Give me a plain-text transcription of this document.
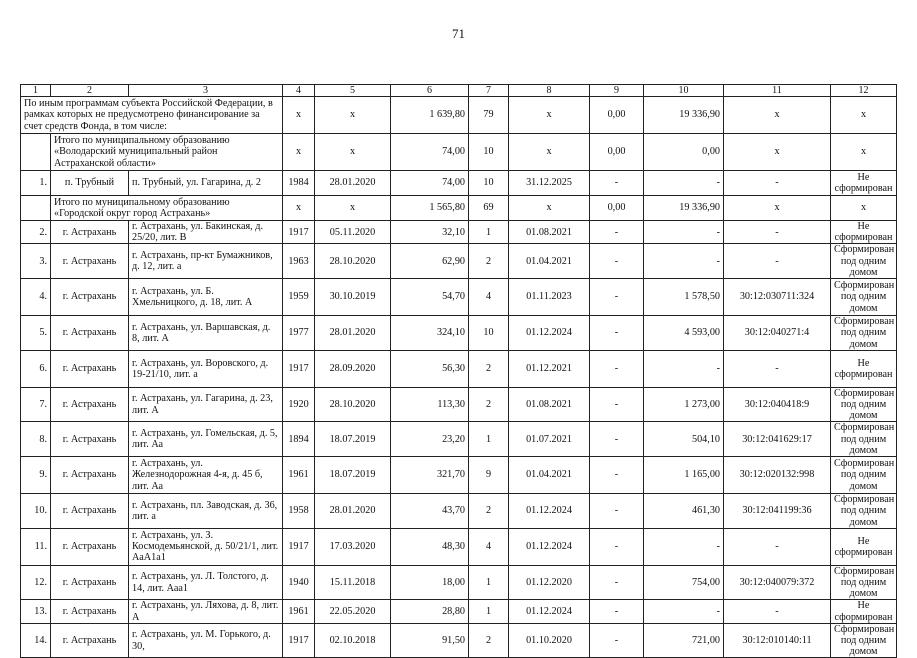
71
1	2	3	4	5	6	7	8	9	10	11	12
По иным программам субъекта Российской Федерации, в рамках которых не предусмотрено финансирование за счет средств Фонда, в том числе:			х	х	1 639,80	79	х	0,00	19 336,90	х	х
	Итого по муниципальному образованию «Володарский муниципальный район Астраханской области»		х	х	74,00	10	х	0,00	0,00	х	х
1.	п. Трубный	п. Трубный, ул. Гагарина, д. 2	1984	28.01.2020	74,00	10	31.12.2025	-	-	-	Не сформирован
	Итого по муниципальному образованию «Городской округ город Астрахань»		х	х	1 565,80	69	х	0,00	19 336,90	х	х
2.	г. Астрахань	г. Астрахань, ул. Бакинская, д. 25/20, лит. В	1917	05.11.2020	32,10	1	01.08.2021	-	-	-	Не сформирован
3.	г. Астрахань	г. Астрахань, пр-кт Бумажников, д. 12, лит. а	1963	28.10.2020	62,90	2	01.04.2021	-	-	-	Сформирован под одним домом
4.	г. Астрахань	г. Астрахань, ул. Б. Хмельницкого, д. 18, лит. А	1959	30.10.2019	54,70	4	01.11.2023	-	1 578,50	30:12:030711:324	Сформирован под одним домом
5.	г. Астрахань	г. Астрахань, ул. Варшавская, д. 8, лит. А	1977	28.01.2020	324,10	10	01.12.2024	-	4 593,00	30:12:040271:4	Сформирован под одним домом
6.	г. Астрахань	г. Астрахань, ул. Воровского, д. 19-21/10, лит. а	1917	28.09.2020	56,30	2	01.12.2021	-	-	-	Не сформирован
7.	г. Астрахань	г. Астрахань, ул. Гагарина, д. 23, лит. А	1920	28.10.2020	113,30	2	01.08.2021	-	1 273,00	30:12:040418:9	Сформирован под одним домом
8.	г. Астрахань	г. Астрахань, ул. Гомельская, д. 5, лит. Аа	1894	18.07.2019	23,20	1	01.07.2021	-	504,10	30:12:041629:17	Сформирован под одним домом
9.	г. Астрахань	г. Астрахань, ул. Железнодорожная 4-я, д. 45 б, лит. Аа	1961	18.07.2019	321,70	9	01.04.2021	-	1 165,00	30:12:020132:998	Сформирован под одним домом
10.	г. Астрахань	г. Астрахань, пл. Заводская, д. 36, лит. а	1958	28.01.2020	43,70	2	01.12.2024	-	461,30	30:12:041199:36	Сформирован под одним домом
11.	г. Астрахань	г. Астрахань, ул. З. Космодемьянской, д. 50/21/1, лит. АаА1а1	1917	17.03.2020	48,30	4	01.12.2024	-	-	-	Не сформирован
12.	г. Астрахань	г. Астрахань, ул. Л. Толстого, д. 14, лит. Ааа1	1940	15.11.2018	18,00	1	01.12.2020	-	754,00	30:12:040079:372	Сформирован под одним домом
13.	г. Астрахань	г. Астрахань, ул. Ляхова, д. 8, лит. А	1961	22.05.2020	28,80	1	01.12.2024	-	-	-	Не сформирован
14.	г. Астрахань	г. Астрахань, ул. М. Горького, д. 30,	1917	02.10.2018	91,50	2	01.10.2020	-	721,00	30:12:010140:11	Сформирован под одним домом
